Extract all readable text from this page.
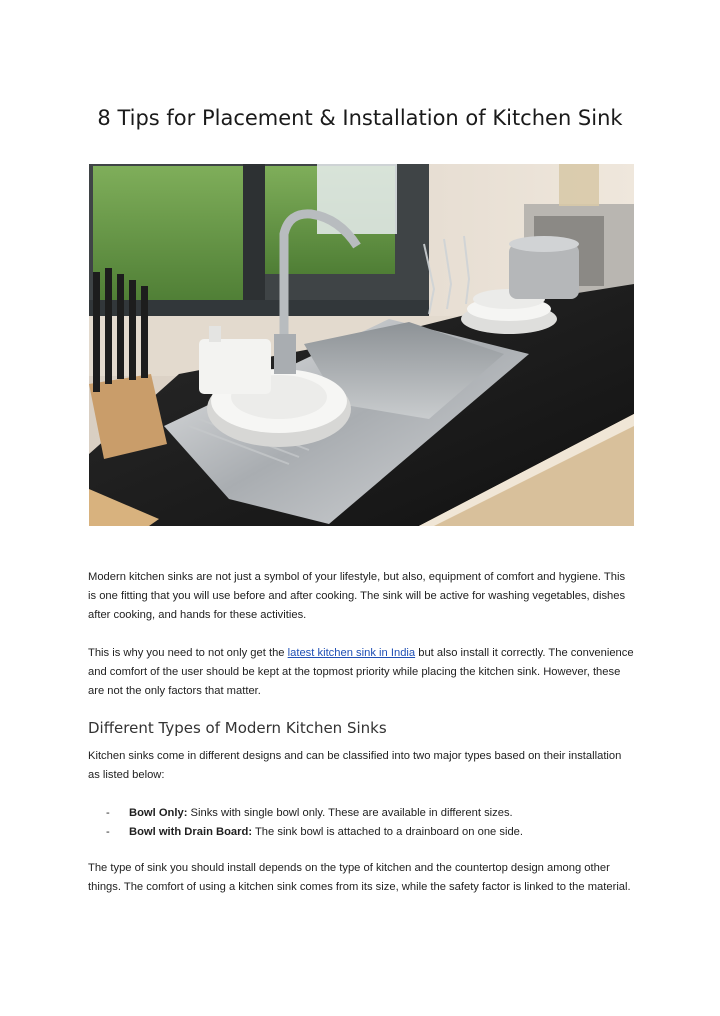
8 Tips for Placement & Installation of Kitchen Sink

Modern kitchen sinks are not just a symbol of your lifestyle, but also, equipment of comfort and hygiene. This is one fitting that you will use before and after cooking. The sink will be active for washing vegetables, dishes after cooking, and hands for these activities.

This is why you need to not only get the latest kitchen sink in India but also install it correctly. The convenience and comfort of the user should be kept at the topmost priority while placing the kitchen sink. However, these are not the only factors that matter.

Different Types of Modern Kitchen Sinks

Kitchen sinks come in different designs and can be classified into two major types based on their installation as listed below:

- Bowl Only: Sinks with single bowl only. These are available in different sizes.
- Bowl with Drain Board: The sink bowl is attached to a drainboard on one side.

The type of sink you should install depends on the type of kitchen and the countertop design among other things. The comfort of using a kitchen sink comes from its size, while the safety factor is linked to the material.
